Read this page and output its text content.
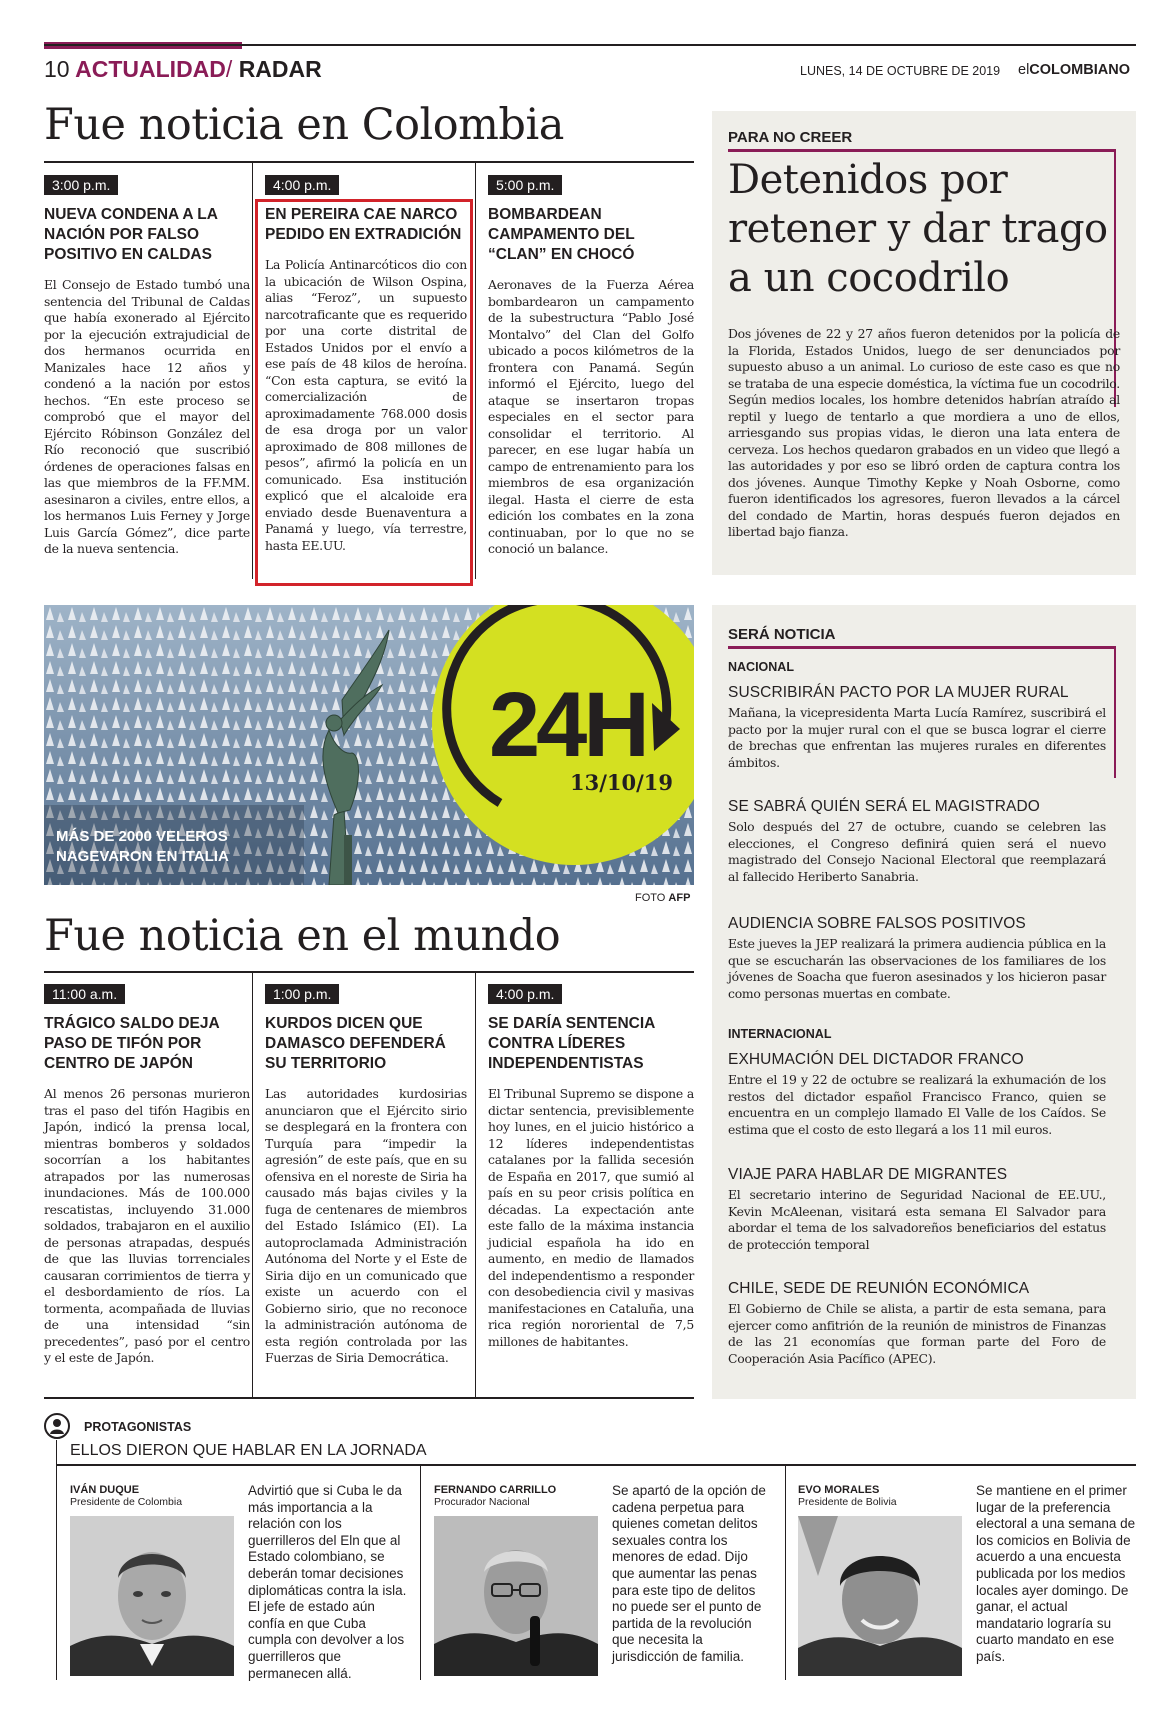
10 ACTUALIDAD/ RADAR	LUNES, 14 DE OCTUBRE DE 2019 elCOLOMBIANO
Fue noticia en Colombia
3:00 p.m.
NUEVA CONDENA A LA NACIÓN POR FALSO POSITIVO EN CALDAS

El Consejo de Estado tumbó una sentencia del Tribunal de Caldas que había exonerado al Ejército por la ejecución extrajudicial de dos hermanos ocurrida en Manizales hace 12 años y condenó a la nación por estos hechos. “En este proceso se comprobó que el mayor del Ejército Róbinson González del Río reconoció que suscribió órdenes de operaciones falsas en las que miembros de la FF.MM. asesinaron a civiles, entre ellos, a los hermanos Luis Ferney y Jorge Luis García Gómez”, dice parte de la nueva sentencia.

4:00 p.m.
EN PEREIRA CAE NARCO PEDIDO EN EXTRADICIÓN

La Policía Antinarcóticos dio con la ubicación de Wilson Ospina, alias “Feroz”, un supuesto narcotraficante que es requerido por una corte distrital de Estados Unidos por el envío a ese país de 48 kilos de heroína. “Con esta captura, se evitó la comercialización de aproximadamente 768.000 dosis de esa droga por un valor aproximado de 808 millones de pesos”, afirmó la policía en un comunicado. Esa institución explicó que el alcaloide era enviado desde Buenaventura a Panamá y luego, vía terrestre, hasta EE.UU.

5:00 p.m.
BOMBARDEAN CAMPAMENTO DEL “CLAN” EN CHOCÓ

Aeronaves de la Fuerza Aérea bombardearon un campamento de la subestructura “Pablo José Montalvo” del Clan del Golfo ubicado a pocos kilómetros de la frontera con Panamá. Según informó el Ejército, luego del ataque se insertaron tropas especiales en el sector para consolidar el territorio. Al parecer, en ese lugar había un campo de entrenamiento para los miembros de esa organización ilegal. Hasta el cierre de esta edición los combates en la zona continuaban, por lo que no se conoció un balance.

PARA NO CREER
Detenidos por retener y dar trago a un cocodrilo
Dos jóvenes de 22 y 27 años fueron detenidos por la policía de la Florida, Estados Unidos, luego de ser denunciados por supuesto abuso a un animal. Lo curioso de este caso es que no se trataba de una especie doméstica, la víctima fue un cocodrilo. Según medios locales, los hombre detenidos habrían atraído al reptil y luego de tentarlo a que mordiera a uno de ellos, arriesgando sus propias vidas, le dieron una lata entera de cerveza. Los hechos quedaron grabados en un video que llegó a las autoridades y por eso se libró orden de captura contra los dos jóvenes. Aunque Timothy Kepke y Noah Osborne, como fueron identificados los agresores, fueron llevados a la cárcel del condado de Martin, horas después fueron dejados en libertad bajo fianza.
24H
13/10/19
MÁS DE 2000 VELEROS
NAGEVARON EN ITALIA
FOTO AFP
SERÁ NOTICIA
NACIONAL
SUSCRIBIRÁN PACTO POR LA MUJER RURAL

Mañana, la vicepresidenta Marta Lucía Ramírez, suscribirá el pacto por la mujer rural con el que se busca lograr el cierre de brechas que enfrentan las mujeres rurales en diferentes ámbitos.

SE SABRÁ QUIÉN SERÁ EL MAGISTRADO

Solo después del 27 de octubre, cuando se celebren las elecciones, el Congreso definirá quien será el nuevo magistrado del Consejo Nacional Electoral que reemplazará al fallecido Heriberto Sanabria.

AUDIENCIA SOBRE FALSOS POSITIVOS

Este jueves la JEP realizará la primera audiencia pública en la que se escucharán las observaciones de los familiares de los jóvenes de Soacha que fueron asesinados y los hicieron pasar como personas muertas en combate.

INTERNACIONAL
EXHUMACIÓN DEL DICTADOR FRANCO

Entre el 19 y 22 de octubre se realizará la exhumación de los restos del dictador español Francisco Franco, quien se encuentra en un complejo llamado El Valle de los Caídos. Se estima que el costo de esto llegará a los 11 mil euros.

VIAJE PARA HABLAR DE MIGRANTES

El secretario interino de Seguridad Nacional de EE.UU., Kevin McAleenan, visitará esta semana El Salvador para abordar el tema de los salvadoreños beneficiarios del estatus de protección temporal

CHILE, SEDE DE REUNIÓN ECONÓMICA

El Gobierno de Chile se alista, a partir de esta semana, para ejercer como anfitrión de la reunión de ministros de Finanzas de las 21 economías que forman parte del Foro de Cooperación Asia Pacífico (APEC).

Fue noticia en el mundo
11:00 a.m.
TRÁGICO SALDO DEJA PASO DE TIFÓN POR CENTRO DE JAPÓN

Al menos 26 personas murieron tras el paso del tifón Hagibis en Japón, indicó la prensa local, mientras bomberos y soldados socorrían a los habitantes atrapados por las numerosas inundaciones. Más de 100.000 rescatistas, incluyendo 31.000 soldados, trabajaron en el auxilio de personas atrapadas, después de que las lluvias torrenciales causaran corrimientos de tierra y el desbordamiento de ríos. La tormenta, acompañada de lluvias de una intensidad “sin precedentes”, pasó por el centro y el este de Japón.

1:00 p.m.
KURDOS DICEN QUE DAMASCO DEFENDERÁ SU TERRITORIO

Las autoridades kurdosirias anunciaron que el Ejército sirio se desplegará en la frontera con Turquía para “impedir la agresión” de este país, que en su ofensiva en el noreste de Siria ha causado más bajas civiles y la fuga de centenares de miembros del Estado Islámico (EI). La autoproclamada Administración Autónoma del Norte y el Este de Siria dijo en un comunicado que existe un acuerdo con el Gobierno sirio, que no reconoce la administración autónoma de esta región controlada por las Fuerzas de Siria Democrática.

4:00 p.m.
SE DARÍA SENTENCIA CONTRA LÍDERES INDEPENDENTISTAS

El Tribunal Supremo se dispone a dictar sentencia, previsiblemente hoy lunes, en el juicio histórico a 12 líderes independentistas catalanes por la fallida secesión de España en 2017, que sumió al país en su peor crisis política en décadas. La expectación ante este fallo de la máxima instancia judicial española ha ido en aumento, en medio de llamados del independentismo a responder con desobediencia civil y masivas manifestaciones en Cataluña, una rica región nororiental de 7,5 millones de habitantes.

PROTAGONISTAS
ELLOS DIERON QUE HABLAR EN LA JORNADA
IVÁN DUQUE
Presidente de Colombia
Advirtió que si Cuba le da más importancia a la relación con los guerrilleros del Eln que al Estado colombiano, se deberán tomar decisiones diplomáticas contra la isla. El jefe de estado aún confía en que Cuba cumpla con devolver a los guerrilleros que permanecen allá.
FERNANDO CARRILLO
Procurador Nacional
Se apartó de la opción de cadena perpetua para quienes cometan delitos sexuales contra los menores de edad. Dijo que aumentar las penas para este tipo de delitos no puede ser el punto de partida de la revolución que necesita la jurisdicción de familia.
EVO MORALES
Presidente de Bolivia
Se mantiene en el primer lugar de la preferencia electoral a una semana de los comicios en Bolivia de acuerdo a una encuesta publicada por los medios locales ayer domingo. De ganar, el actual mandatario lograría su cuarto mandato en ese país.
